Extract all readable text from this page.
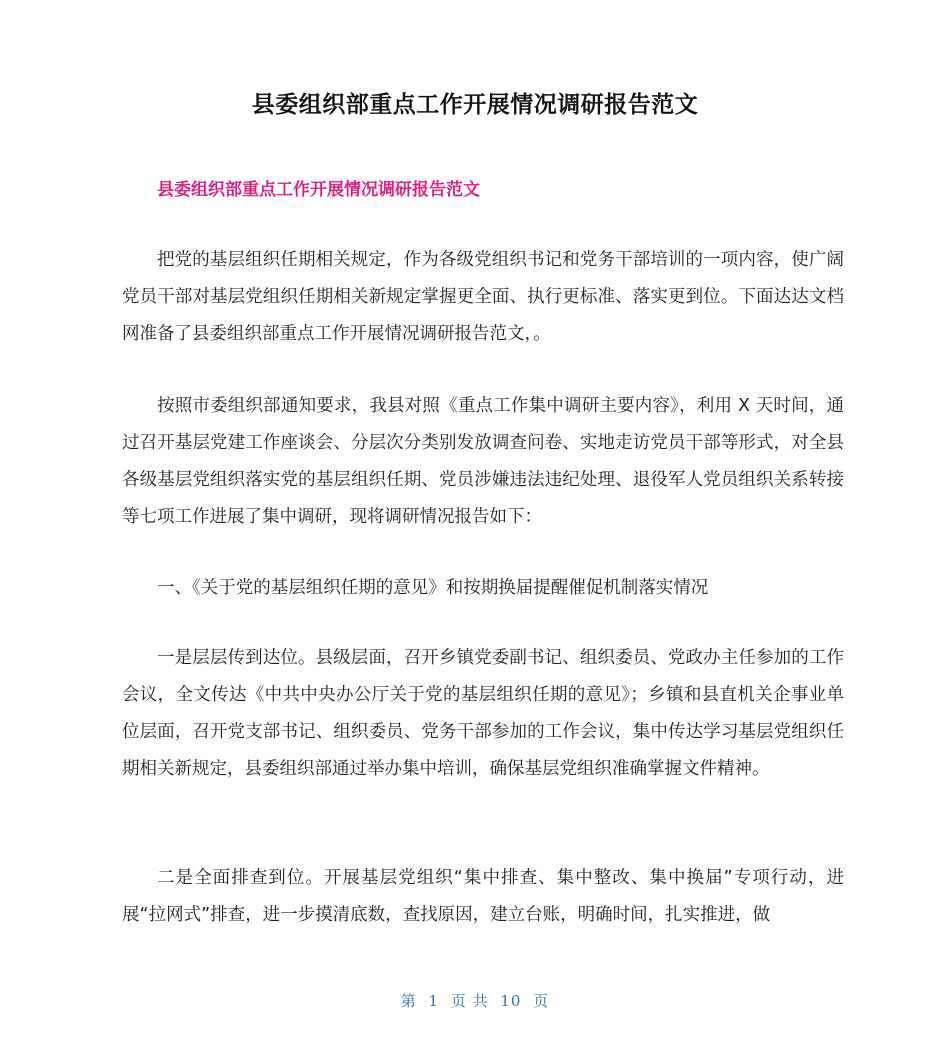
县委组织部重点工作开展情况调研报告范文
县委组织部重点工作开展情况调研报告范文

把党的基层组织任期相关规定，作为各级党组织书记和党务干部培训的一项内容，使广阔党员干部对基层党组织任期相关新规定掌握更全面、执行更标准、落实更到位。下面达达文档网准备了县委组织部重点工作开展情况调研报告范文，。

按照市委组织部通知要求，我县对照《重点工作集中调研主要内容》，利用 X 天时间，通过召开基层党建工作座谈会、分层次分类别发放调查问卷、实地走访党员干部等形式，对全县各级基层党组织落实党的基层组织任期、党员涉嫌违法违纪处理、退役军人党员组织关系转接等七项工作进展了集中调研，现将调研情况报告如下：

一、《关于党的基层组织任期的意见》和按期换届提醒催促机制落实情况

一是层层传到达位。县级层面，召开乡镇党委副书记、组织委员、党政办主任参加的工作会议，全文传达《中共中央办公厅关于党的基层组织任期的意见》；乡镇和县直机关企事业单位层面，召开党支部书记、组织委员、党务干部参加的工作会议，集中传达学习基层党组织任期相关新规定，县委组织部通过举办集中培训，确保基层党组织准确掌握文件精神。

二是全面排查到位。开展基层党组织“集中排查、集中整改、集中换届”专项行动，进展“拉网式”排查，进一步摸清底数，查找原因，建立台账，明确时间，扎实推进，做

第 1 页 共 10 页
